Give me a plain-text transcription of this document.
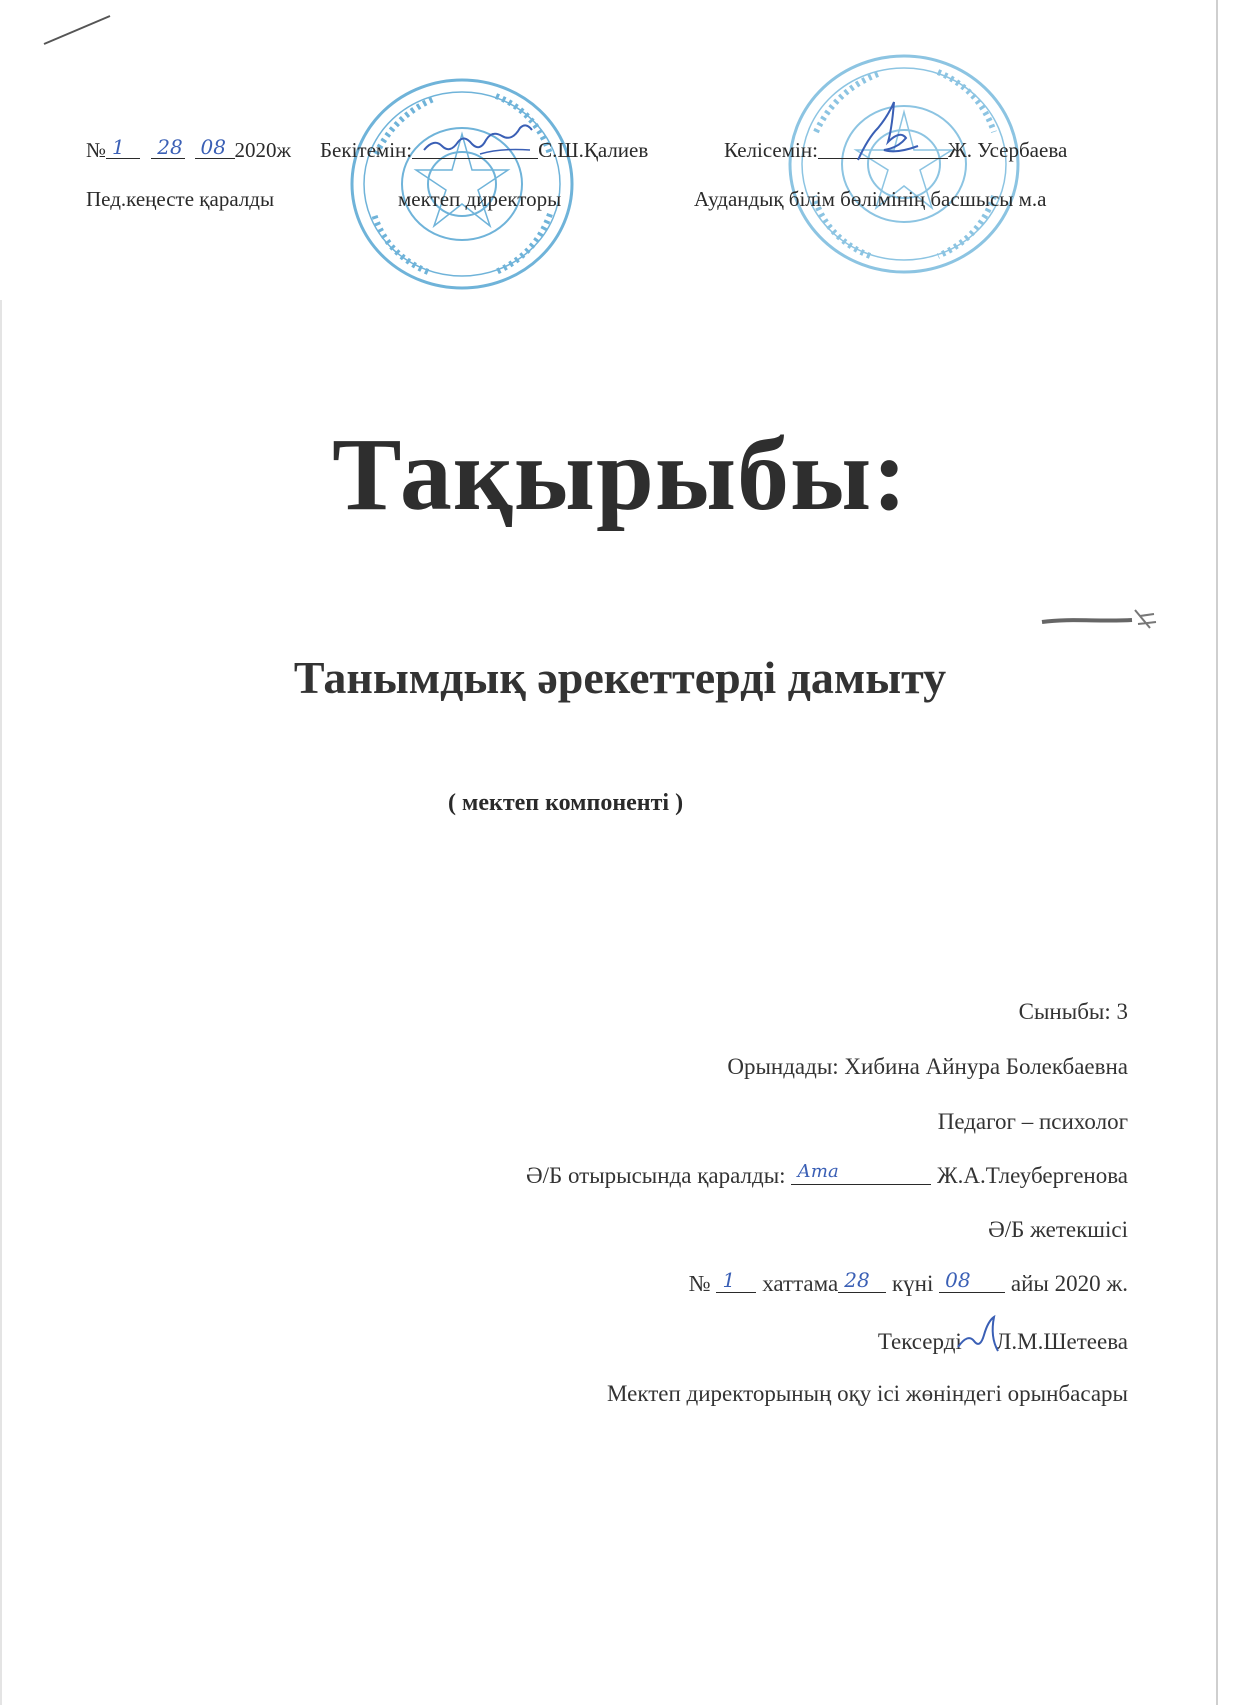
№ 1
28
08 2020ж Бекітемін:	С.Ш.Қалиев	Келісемін:	Ж. Усербаева
Пед.кеңесте қаралды	мектеп директоры	Аудандық білім бөлімінің басшысы м.а
Тақырыбы:
Танымдық әрекеттерді дамыту
( мектеп компоненті )
Сыныбы: 3
Орындады: Хибина Айнура Болекбаевна
Педагог – психолог
Ә/Б отырысында қаралды: Ата	Ж.А.Тлеубергенова
Ә/Б жетекшісі
№ 1 хаттама 28 күні 08 айы 2020 ж.
Тексерді Л.М.Шетеева
Мектеп директорының оқу ісі жөніндегі орынбасары
